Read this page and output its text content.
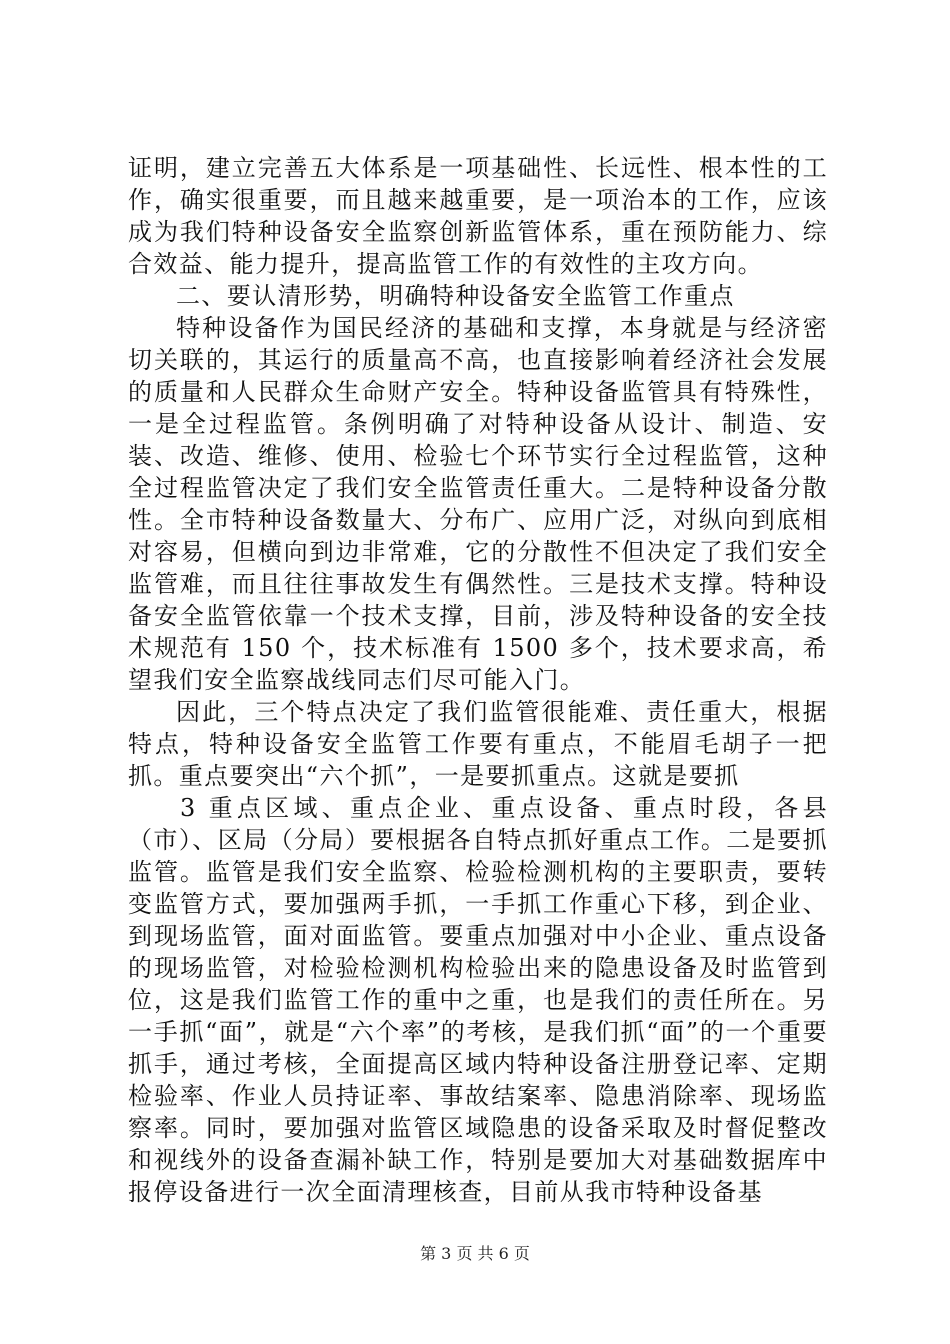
证明，建立完善五大体系是一项基础性、长远性、根本性的工作，确实很重要，而且越来越重要，是一项治本的工作，应该成为我们特种设备安全监察创新监管体系，重在预防能力、综合效益、能力提升，提高监管工作的有效性的主攻方向。

二、要认清形势，明确特种设备安全监管工作重点

特种设备作为国民经济的基础和支撑，本身就是与经济密切关联的，其运行的质量高不高，也直接影响着经济社会发展的质量和人民群众生命财产安全。特种设备监管具有特殊性，一是全过程监管。条例明确了对特种设备从设计、制造、安装、改造、维修、使用、检验七个环节实行全过程监管，这种全过程监管决定了我们安全监管责任重大。二是特种设备分散性。全市特种设备数量大、分布广、应用广泛，对纵向到底相对容易，但横向到边非常难，它的分散性不但决定了我们安全监管难，而且往往事故发生有偶然性。三是技术支撑。特种设备安全监管依靠一个技术支撑，目前，涉及特种设备的安全技术规范有 150 个，技术标准有 1500 多个，技术要求高，希望我们安全监察战线同志们尽可能入门。

因此，三个特点决定了我们监管很能难、责任重大，根据特点，特种设备安全监管工作要有重点，不能眉毛胡子一把抓。重点要突出“六个抓”，一是要抓重点。这就是要抓

3 重点区域、重点企业、重点设备、重点时段，各县（市）、区局（分局）要根据各自特点抓好重点工作。二是要抓监管。监管是我们安全监察、检验检测机构的主要职责，要转变监管方式，要加强两手抓，一手抓工作重心下移，到企业、到现场监管，面对面监管。要重点加强对中小企业、重点设备的现场监管，对检验检测机构检验出来的隐患设备及时监管到位，这是我们监管工作的重中之重，也是我们的责任所在。另一手抓“面”，就是“六个率”的考核，是我们抓“面”的一个重要抓手，通过考核，全面提高区域内特种设备注册登记率、定期检验率、作业人员持证率、事故结案率、隐患消除率、现场监察率。同时，要加强对监管区域隐患的设备采取及时督促整改和视线外的设备查漏补缺工作，特别是要加大对基础数据库中报停设备进行一次全面清理核查，目前从我市特种设备基

第 3 页 共 6 页
